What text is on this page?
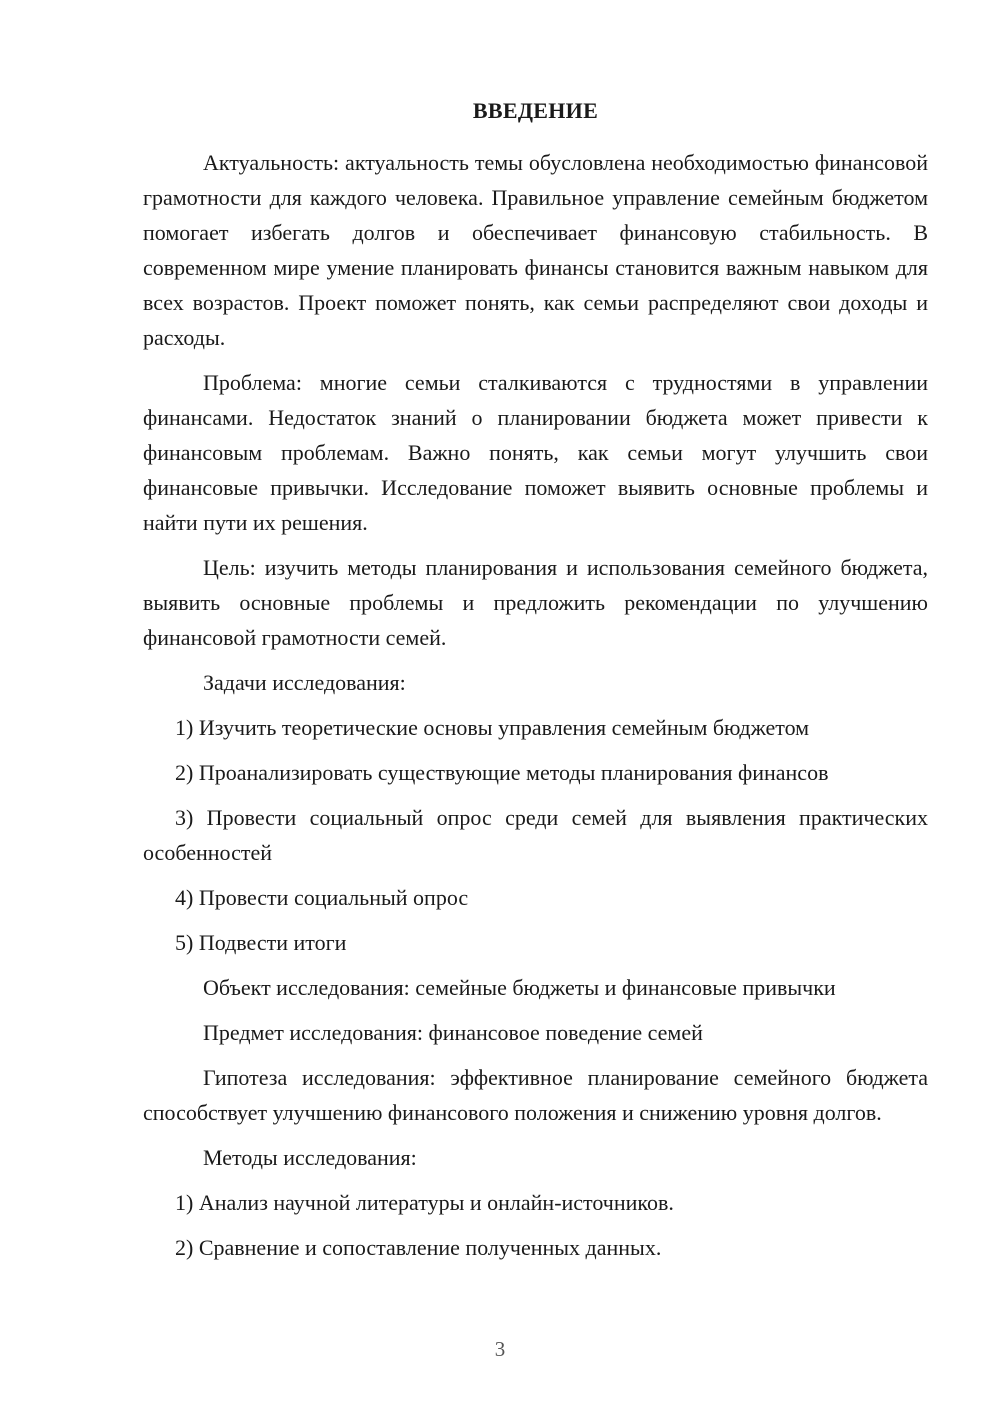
ВВЕДЕНИЕ

Актуальность: актуальность темы обусловлена необходимостью финансовой грамотности для каждого человека. Правильное управление семейным бюджетом помогает избегать долгов и обеспечивает финансовую стабильность. В современном мире умение планировать финансы становится важным навыком для всех возрастов. Проект поможет понять, как семьи распределяют свои доходы и расходы.

Проблема: многие семьи сталкиваются с трудностями в управлении финансами. Недостаток знаний о планировании бюджета может привести к финансовым проблемам. Важно понять, как семьи могут улучшить свои финансовые привычки. Исследование поможет выявить основные проблемы и найти пути их решения.

Цель: изучить методы планирования и использования семейного бюджета, выявить основные проблемы и предложить рекомендации по улучшению финансовой грамотности семей.

Задачи исследования:

1) Изучить теоретические основы управления семейным бюджетом

2) Проанализировать существующие методы планирования финансов

3) Провести социальный опрос среди семей для выявления практических особенностей

4) Провести социальный опрос

5) Подвести итоги

Объект исследования: семейные бюджеты и финансовые привычки

Предмет исследования: финансовое поведение семей

Гипотеза исследования: эффективное планирование семейного бюджета способствует улучшению финансового положения и снижению уровня долгов.

Методы исследования:

1) Анализ научной литературы и онлайн-источников.

2) Сравнение и сопоставление полученных данных.

3
